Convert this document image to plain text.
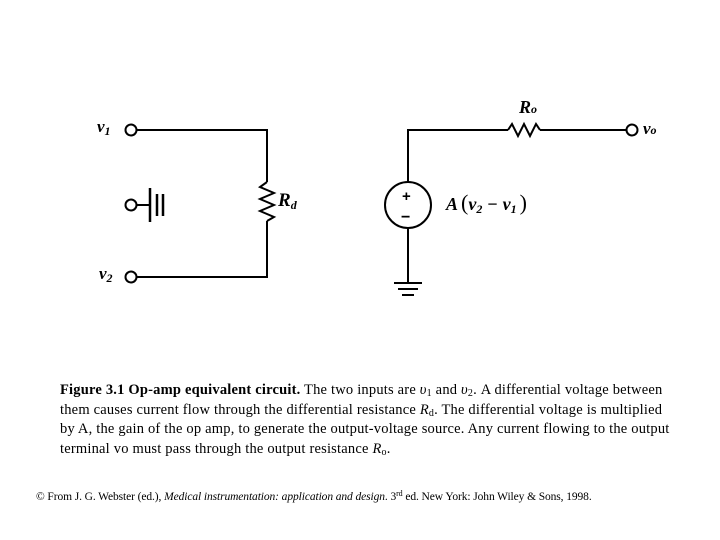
+
−
v1
v2
vo
Rd
Ro
A (v2 − v1 )
Figure 3.1 Op-amp equivalent circuit. The two inputs are $\upsilon_1$ and $\upsilon_2$. A differential voltage between them causes current flow through the differential resistance $R_d$. The differential voltage is multiplied by A, the gain of the op amp, to generate the output-voltage source. Any current flowing to the output terminal vo must pass through the output resistance $R_o$.
© From J. G. Webster (ed.), Medical instrumentation: application and design. 3rd ed. New York: John Wiley & Sons, 1998.
